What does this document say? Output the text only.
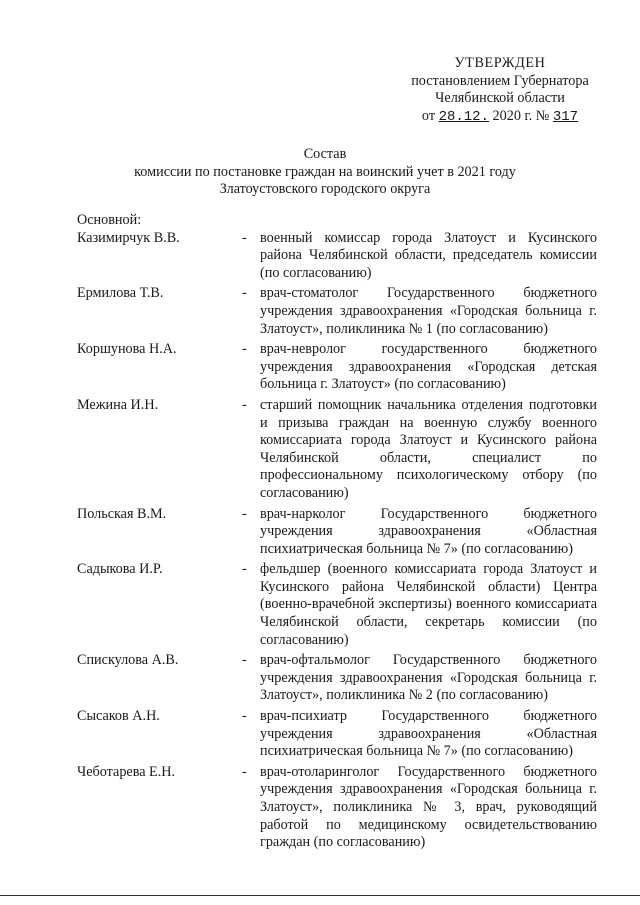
УТВЕРЖДЕН
постановлением Губернатора
Челябинской области
от 28.12. 2020 г. № 317
Состав
комиссии по постановке граждан на воинский учет в 2021 году
Златоустовского городского округа
Основной:
Казимирчук В.В.	- военный комиссар города Златоуст и Кусинского района Челябинской области, председатель комиссии (по согласованию)
Ермилова Т.В.	- врач-стоматолог Государственного бюджетного учреждения здравоохранения «Городская больница г. Златоуст», поликлиника № 1 (по согласованию)
Коршунова Н.А.	- врач-невролог государственного бюджетного учреждения здравоохранения «Городская детская больница г. Златоуст» (по согласованию)
Межина И.Н.	- старший помощник начальника отделения подготовки и призыва граждан на военную службу военного комиссариата города Златоуст и Кусинского района Челябинской области, специалист по профессиональному психологическому отбору (по согласованию)
Польская В.М.	- врач-нарколог Государственного бюджетного учреждения здравоохранения «Областная психиатрическая больница № 7» (по согласованию)
Садыкова И.Р.	- фельдшер (военного комиссариата города Златоуст и Кусинского района Челябинской области) Центра (военно-врачебной экспертизы) военного комиссариата Челябинской области, секретарь комиссии (по согласованию)
Спискулова А.В.	- врач-офтальмолог Государственного бюджетного учреждения здравоохранения «Городская больница г. Златоуст», поликлиника № 2 (по согласованию)
Сысаков А.Н.	- врач-психиатр Государственного бюджетного учреждения здравоохранения «Областная психиатрическая больница № 7» (по согласованию)
Чеботарева Е.Н.	- врач-отоларинголог Государственного бюджетного учреждения здравоохранения «Городская больница г. Златоуст», поликлиника № 3, врач, руководящий работой по медицинскому освидетельствованию граждан (по согласованию)
